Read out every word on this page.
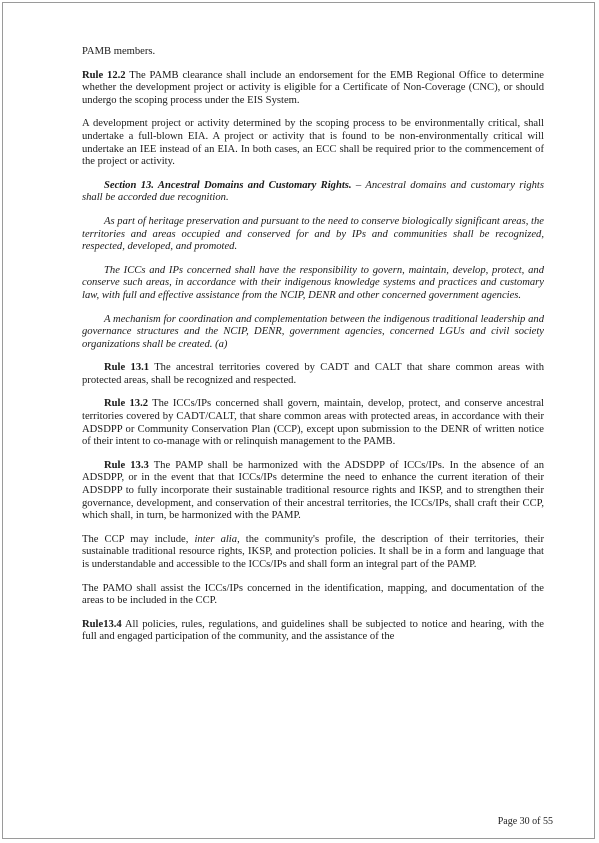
PAMB members.

Rule 12.2 The PAMB clearance shall include an endorsement for the EMB Regional Office to determine whether the development project or activity is eligible for a Certificate of Non-Coverage (CNC), or should undergo the scoping process under the EIS System.

A development project or activity determined by the scoping process to be environmentally critical, shall undertake a full-blown EIA. A project or activity that is found to be non-environmentally critical will undertake an IEE instead of an EIA. In both cases, an ECC shall be required prior to the commencement of the project or activity.

Section 13. Ancestral Domains and Customary Rights. – Ancestral domains and customary rights shall be accorded due recognition.

As part of heritage preservation and pursuant to the need to conserve biologically significant areas, the territories and areas occupied and conserved for and by IPs and communities shall be recognized, respected, developed, and promoted.

The ICCs and IPs concerned shall have the responsibility to govern, maintain, develop, protect, and conserve such areas, in accordance with their indigenous knowledge systems and practices and customary law, with full and effective assistance from the NCIP, DENR and other concerned government agencies.

A mechanism for coordination and complementation between the indigenous traditional leadership and governance structures and the NCIP, DENR, government agencies, concerned LGUs and civil society organizations shall be created. (a)

Rule 13.1 The ancestral territories covered by CADT and CALT that share common areas with protected areas, shall be recognized and respected.

Rule 13.2 The ICCs/IPs concerned shall govern, maintain, develop, protect, and conserve ancestral territories covered by CADT/CALT, that share common areas with protected areas, in accordance with their ADSDPP or Community Conservation Plan (CCP), except upon submission to the DENR of written notice of their intent to co-manage with or relinquish management to the PAMB.

Rule 13.3 The PAMP shall be harmonized with the ADSDPP of ICCs/IPs. In the absence of an ADSDPP, or in the event that that ICCs/IPs determine the need to enhance the current iteration of their ADSDPP to fully incorporate their sustainable traditional resource rights and IKSP, and to strengthen their governance, development, and conservation of their ancestral territories, the ICCs/IPs, shall craft their CCP, which shall, in turn, be harmonized with the PAMP.

The CCP may include, inter alia, the community's profile, the description of their territories, their sustainable traditional resource rights, IKSP, and protection policies. It shall be in a form and language that is understandable and accessible to the ICCs/IPs and shall form an integral part of the PAMP.

The PAMO shall assist the ICCs/IPs concerned in the identification, mapping, and documentation of the areas to be included in the CCP.

Rule13.4 All policies, rules, regulations, and guidelines shall be subjected to notice and hearing, with the full and engaged participation of the community, and the assistance of the

Page 30 of 55
